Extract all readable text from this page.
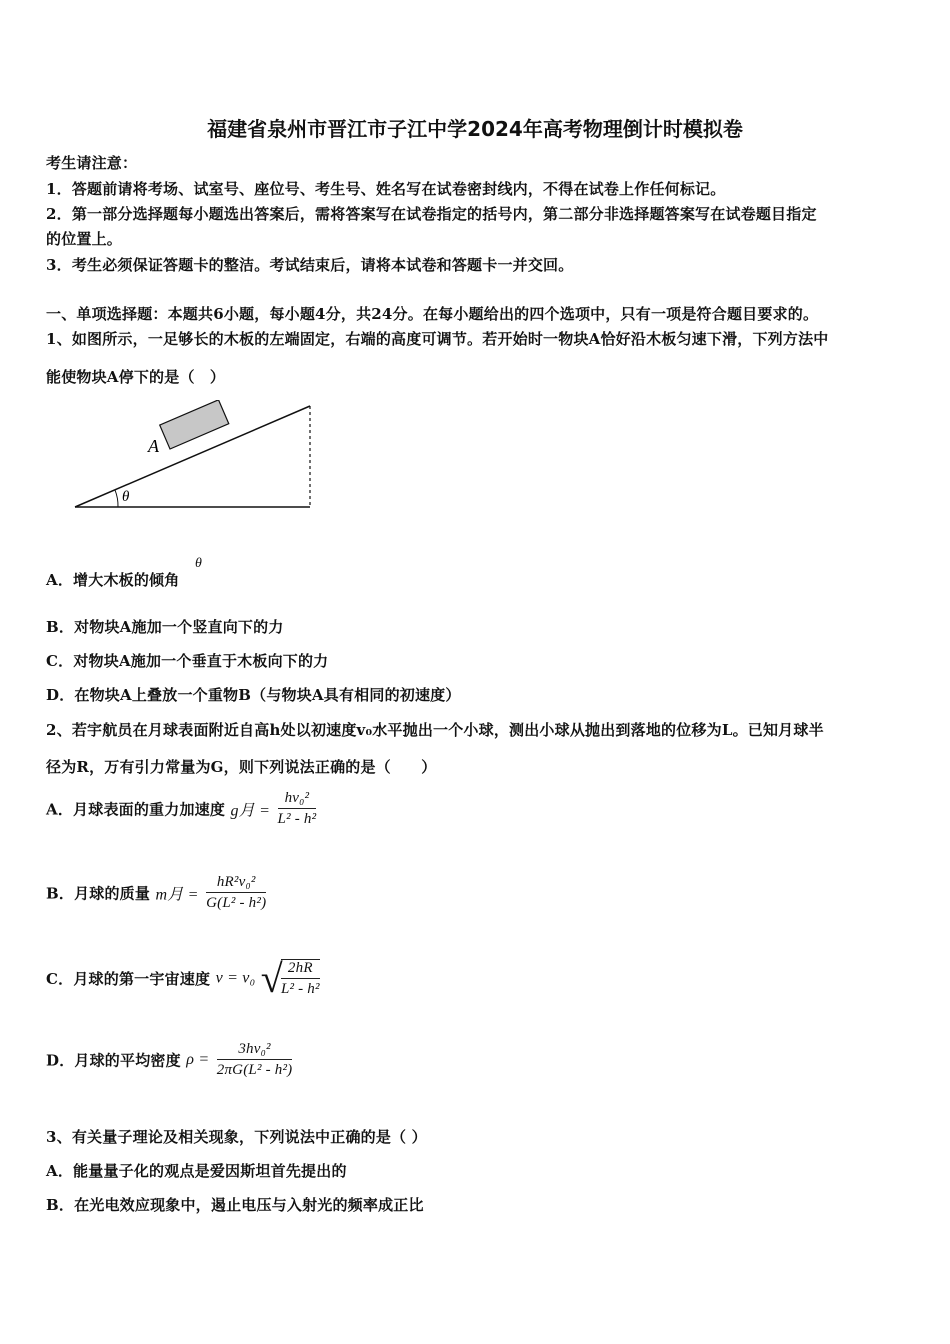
福建省泉州市晋江市子江中学2024年高考物理倒计时模拟卷
考生请注意：
1．答题前请将考场、试室号、座位号、考生号、姓名写在试卷密封线内，不得在试卷上作任何标记。
2．第一部分选择题每小题选出答案后，需将答案写在试卷指定的括号内，第二部分非选择题答案写在试卷题目指定
的位置上。
3．考生必须保证答题卡的整洁。考试结束后，请将本试卷和答题卡一并交回。
一、单项选择题：本题共6小题，每小题4分，共24分。在每小题给出的四个选项中，只有一项是符合题目要求的。
1、如图所示，一足够长的木板的左端固定，右端的高度可调节。若开始时一物块A恰好沿木板匀速下滑，下列方法中
能使物块A停下的是（　）
A
θ
A．增大木板的倾角
θ
B．对物块A施加一个竖直向下的力
C．对物块A施加一个垂直于木板向下的力
D．在物块A上叠放一个重物B（与物块A具有相同的初速度）
2、若宇航员在月球表面附近自高h处以初速度v₀水平抛出一个小球，测出小球从抛出到落地的位移为L。已知月球半
径为R，万有引力常量为G，则下列说法正确的是（　　）
A．月球表面的重力加速度 g月 = $\frac{\text{hv₀²}}{\text{L² - h²}}$
B．月球的质量 m月 = $\frac{\text{hR²v₀²}}{\text{G(L² - h²)}}$
C．月球的第一宇宙速度 v = v₀ √
$\frac{2hR}{\text{L² - h²}}$
D．月球的平均密度 $\rho = \frac{\text{3hv₀²}}{\text{2πG(L² - h²)}}$
3、有关量子理论及相关现象，下列说法中正确的是（ ）
A．能量量子化的观点是爱因斯坦首先提出的
B．在光电效应现象中，遏止电压与入射光的频率成正比
